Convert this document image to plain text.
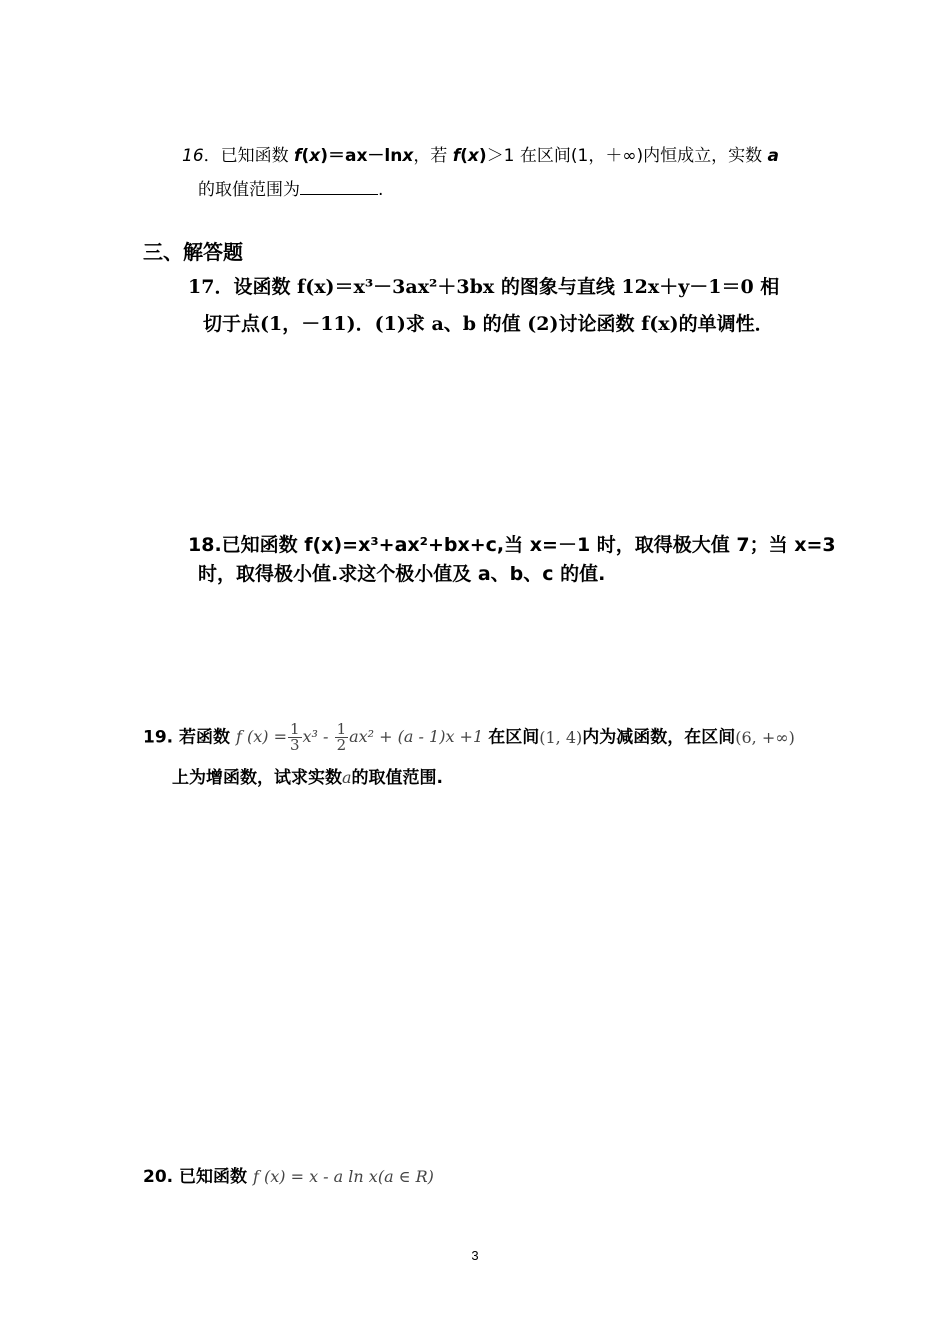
16．已知函数 f(x)＝ax－lnx，若 f(x)＞1 在区间(1，＋∞)内恒成立，实数 a
的取值范围为	.
三、解答题
17．设函数 f(x)＝x³－3ax²＋3bx 的图象与直线 12x＋y－1＝0 相
切于点(1，－11)．(1)求 a、b 的值 (2)讨论函数 f(x)的单调性．
18.已知函数 f(x)=x³+ax²+bx+c,当 x=－1 时，取得极大值 7；当 x=3
时，取得极小值.求这个极小值及 a、b、c 的值.
19. 若函数 f $(x) = \frac{1}{3} x^3 - \frac{1}{2} ax^2 + (a - 1)x +1$ 在区间(1, 4)内为减函数，在区间(6, +∞)
上为增函数，试求实数a的取值范围.
20. 已知函数 f (x) = x - a ln x(a ∈ R)
3
